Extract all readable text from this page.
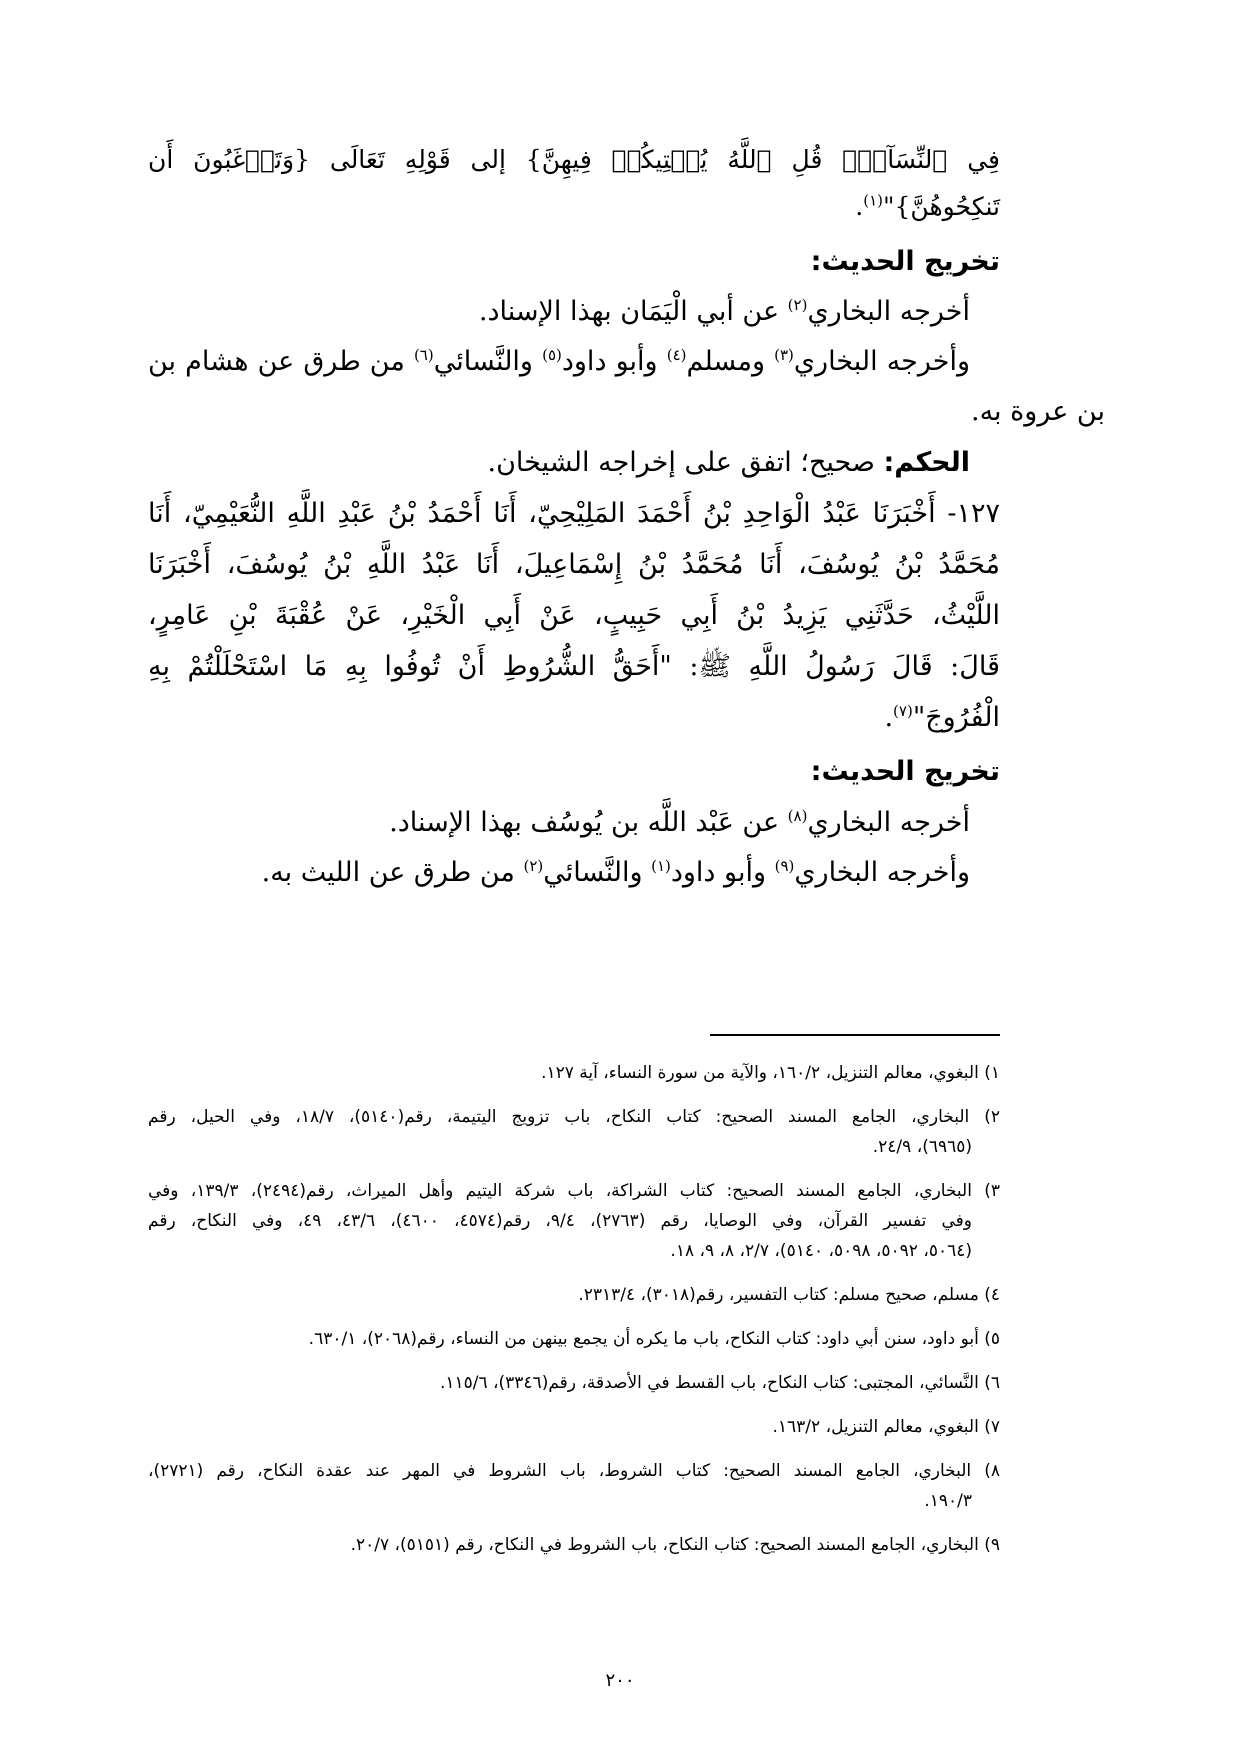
فِي ٱلنِّسَآءِۖ قُلِ ٱللَّهُ يُفۡتِيكُمۡ فِيهِنَّ} إلى قَوْلِهِ تَعَالَى {وَتَرۡغَبُونَ أَن
تَنكِحُوهُنَّ}"$^{(١)}$.
تخريج الحديث:
أخرجه البخاري$^{(٢)}$ عن أبي الْيَمَان بهذا الإسناد.
وأخرجه البخاري$^{(٣)}$ ومسلم$^{(٤)}$ وأبو داود$^{(٥)}$ والنَّسائي$^{(٦)}$ من طرق عن هشام بن
بن عروة به.
الحكم: صحيح؛ اتفق على إخراجه الشيخان.
١٢٧- أَخْبَرَنَا عَبْدُ الْوَاحِدِ بْنُ أَحْمَدَ المَلِيْحِيّ، أَنَا أَحْمَدُ بْنُ عَبْدِ اللَّهِ النُّعَيْمِيّ، أَنَا
مُحَمَّدُ بْنُ يُوسُفَ، أَنَا مُحَمَّدُ بْنُ إِسْمَاعِيلَ، أَنَا عَبْدُ اللَّهِ بْنُ يُوسُفَ، أَخْبَرَنَا
اللَّيْثُ، حَدَّثَنِي يَزِيدُ بْنُ أَبِي حَبِيبٍ، عَنْ أَبِي الْخَيْرِ، عَنْ عُقْبَةَ بْنِ عَامِرٍ،
قَالَ: قَالَ رَسُولُ اللَّهِ ﷺ: "أَحَقُّ الشُّرُوطِ أَنْ تُوفُوا بِهِ مَا اسْتَحْلَلْتُمْ بِهِ
الْفُرُوجَ"$^{(٧)}$.
تخريج الحديث:
أخرجه البخاري$^{(٨)}$ عن عَبْد اللَّه بن يُوسُف بهذا الإسناد.
وأخرجه البخاري$^{(٩)}$ وأبو داود$^{(١)}$ والنَّسائي$^{(٢)}$ من طرق عن الليث به.
١) البغوي، معالم التنزيل، ١٦٠/٢، والآية من سورة النساء، آية ١٢٧.
٢) البخاري، الجامع المسند الصحيح: كتاب النكاح، باب تزويج اليتيمة، رقم(٥١٤٠)، ١٨/٧، وفي الحيل، رقم
(٦٩٦٥)، ٢٤/٩.
٣) البخاري، الجامع المسند الصحيح: كتاب الشراكة، باب شركة اليتيم وأهل الميراث، رقم(٢٤٩٤)، ١٣٩/٣، وفي
وفي تفسير القرآن، وفي الوصايا، رقم (٢٧٦٣)، ٩/٤، رقم(٤٥٧٤، ٤٦٠٠)، ٤٣/٦، ٤٩، وفي النكاح، رقم
(٥٠٦٤، ٥٠٩٢، ٥٠٩٨، ٥١٤٠)، ٢/٧، ٨، ٩، ١٨.
٤) مسلم، صحيح مسلم: كتاب التفسير، رقم(٣٠١٨)، ٢٣١٣/٤.
٥) أبو داود، سنن أبي داود: كتاب النكاح، باب ما يكره أن يجمع بينهن من النساء، رقم(٢٠٦٨)، ٦٣٠/١.
٦) النَّسائي، المجتبى: كتاب النكاح، باب القسط في الأصدقة، رقم(٣٣٤٦)، ١١٥/٦.
٧) البغوي، معالم التنزيل، ١٦٣/٢.
٨) البخاري، الجامع المسند الصحيح: كتاب الشروط، باب الشروط في المهر عند عقدة النكاح، رقم (٢٧٢١)،
١٩٠/٣.
٩) البخاري، الجامع المسند الصحيح: كتاب النكاح، باب الشروط في النكاح، رقم (٥١٥١)، ٢٠/٧.
٢٠٠
